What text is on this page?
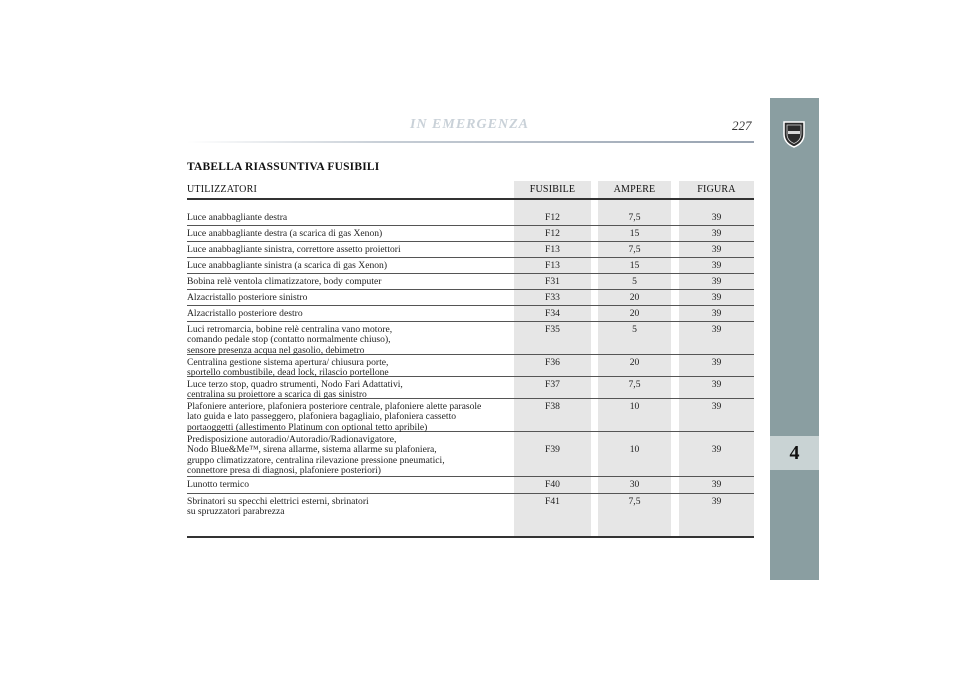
4
IN EMERGENZA	227
TABELLA RIASSUNTIVA FUSIBILI
UTILIZZATORI	FUSIBILE	AMPERE	FIGURA
Luce anabbagliante destra	F12	7,5	39
Luce anabbagliante destra (a scarica di gas Xenon)	F12	15	39
Luce anabbagliante sinistra, correttore assetto proiettori	F13	7,5	39
Luce anabbagliante sinistra (a scarica di gas Xenon)	F13	15	39
Bobina relè ventola climatizzatore, body computer	F31	5	39
Alzacristallo posteriore sinistro	F33	20	39
Alzacristallo posteriore destro	F34	20	39
Luci retromarcia, bobine relè centralina vano motore,
comando pedale stop (contatto normalmente chiuso),
sensore presenza acqua nel gasolio, debimetro
F35	5	39
Centralina gestione sistema apertura/ chiusura porte,
sportello combustibile, dead lock, rilascio portellone
F36	20	39
Luce terzo stop, quadro strumenti, Nodo Fari Adattativi,
centralina su proiettore a scarica di gas sinistro
F37	7,5	39
Plafoniere anteriore, plafoniera posteriore centrale, plafoniere alette parasole
lato guida e lato passeggero, plafoniera bagagliaio, plafoniera cassetto
portaoggetti (allestimento Platinum con optional tetto apribile)
F38	10	39
Predisposizione autoradio/Autoradio/Radionavigatore,
Nodo Blue&Me™, sirena allarme, sistema allarme su plafoniera,
gruppo climatizzatore, centralina rilevazione pressione pneumatici,
connettore presa di diagnosi, plafoniere posteriori)
F39	10	39
Lunotto termico	F40	30	39
Sbrinatori su specchi elettrici esterni, sbrinatori
su spruzzatori parabrezza
F41	7,5	39
